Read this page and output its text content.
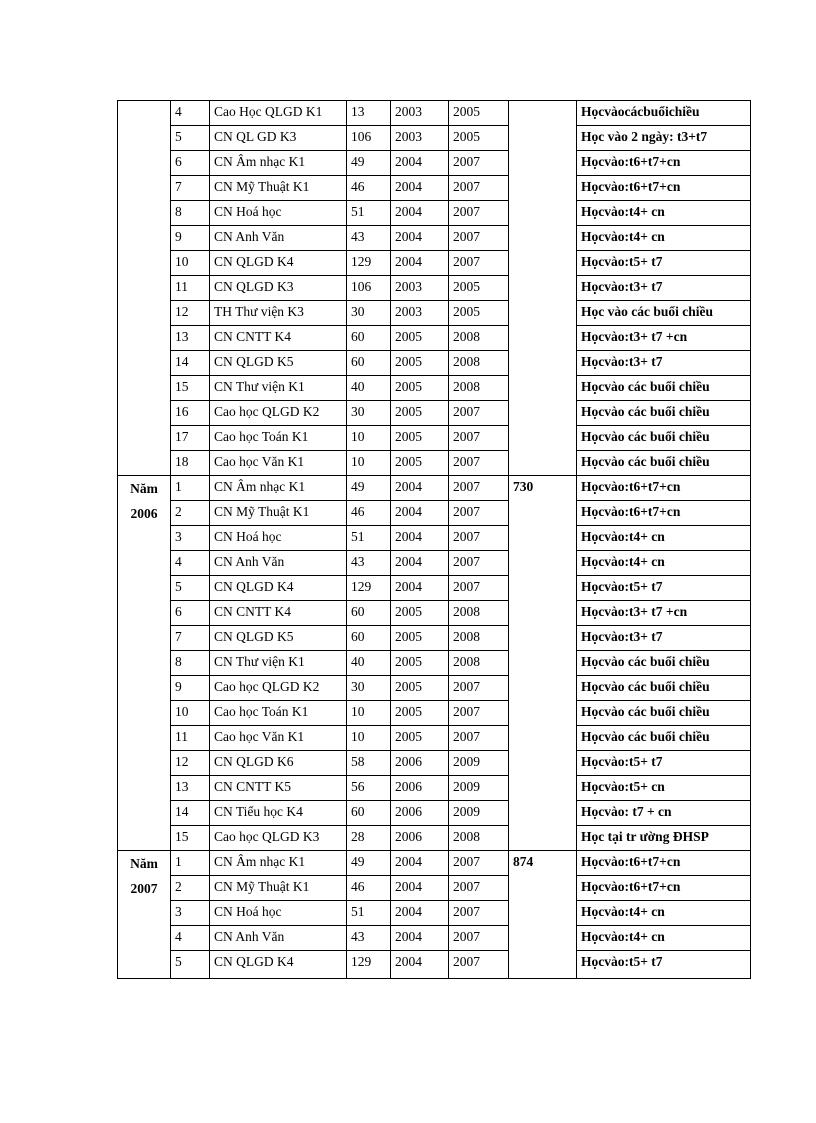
	4	Cao Học QLGD K1	13	2003	2005		Họcvàocácbuổichiều
	5	CN QL GD K3	106	2003	2005		Học vào 2 ngày: t3+t7
	6	CN Âm nhạc K1	49	2004	2007		Họcvào:t6+t7+cn
	7	CN Mỹ Thuật K1	46	2004	2007		Họcvào:t6+t7+cn
	8	CN Hoá học	51	2004	2007		Họcvào:t4+ cn
	9	CN Anh Văn	43	2004	2007		Họcvào:t4+ cn
	10	CN QLGD K4	129	2004	2007		Họcvào:t5+ t7
	11	CN QLGD K3	106	2003	2005		Họcvào:t3+ t7
	12	TH Thư viện K3	30	2003	2005		Học vào các buổi chiều
	13	CN CNTT K4	60	2005	2008		Họcvào:t3+ t7 +cn
	14	CN QLGD K5	60	2005	2008		Họcvào:t3+ t7
	15	CN Thư viện K1	40	2005	2008		Họcvào các buổi chiều
	16	Cao học QLGD K2	30	2005	2007		Họcvào các buổi chiều
	17	Cao học Toán K1	10	2005	2007		Họcvào các buổi chiều
	18	Cao học Văn K1	10	2005	2007		Họcvào các buổi chiều
Năm 2006	1	CN Âm nhạc K1	49	2004	2007	730	Họcvào:t6+t7+cn
	2	CN Mỹ Thuật K1	46	2004	2007		Họcvào:t6+t7+cn
	3	CN Hoá học	51	2004	2007		Họcvào:t4+ cn
	4	CN Anh Văn	43	2004	2007		Họcvào:t4+ cn
	5	CN QLGD K4	129	2004	2007		Họcvào:t5+ t7
	6	CN CNTT K4	60	2005	2008		Họcvào:t3+ t7 +cn
	7	CN QLGD K5	60	2005	2008		Họcvào:t3+ t7
	8	CN Thư viện K1	40	2005	2008		Họcvào các buổi chiều
	9	Cao học QLGD K2	30	2005	2007		Họcvào các buổi chiều
	10	Cao học Toán K1	10	2005	2007		Họcvào các buổi chiều
	11	Cao học Văn K1	10	2005	2007		Họcvào các buổi chiều
	12	CN QLGD K6	58	2006	2009		Họcvào:t5+ t7
	13	CN CNTT K5	56	2006	2009		Họcvào:t5+ cn
	14	CN Tiểu học K4	60	2006	2009		Họcvào: t7 + cn
	15	Cao học QLGD K3	28	2006	2008		Học tại tr ường ĐHSP
Năm 2007	1	CN Âm nhạc K1	49	2004	2007	874	Họcvào:t6+t7+cn
	2	CN Mỹ Thuật K1	46	2004	2007		Họcvào:t6+t7+cn
	3	CN Hoá học	51	2004	2007		Họcvào:t4+ cn
	4	CN Anh Văn	43	2004	2007		Họcvào:t4+ cn
	5	CN QLGD K4	129	2004	2007		Họcvào:t5+ t7
